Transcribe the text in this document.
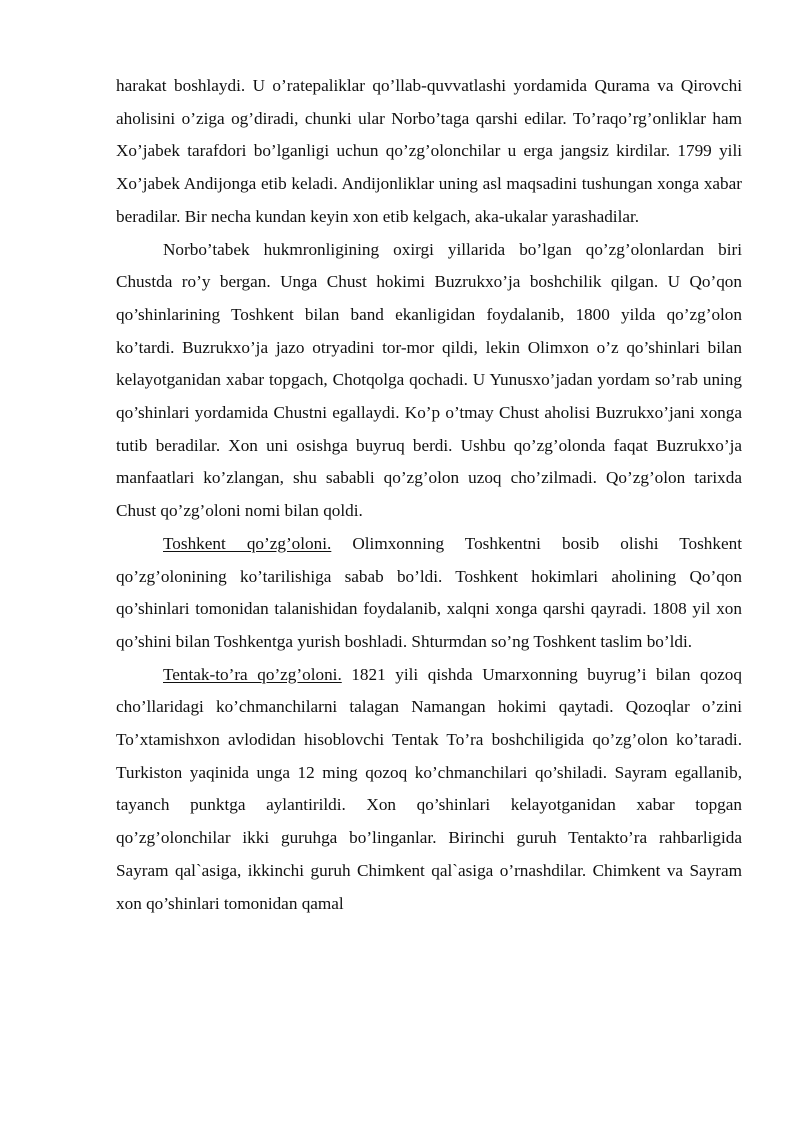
harakat boshlaydi. U o’ratepaliklar qo’llab-quvvatlashi yordamida Qurama va Qirovchi aholisini o’ziga og’diradi, chunki ular Norbo’taga qarshi edilar. To’raqo’rg’onliklar ham Xo’jabek tarafdori bo’lganligi uchun qo’zg’olonchilar u erga jangsiz kirdilar. 1799 yili Xo’jabek Andijonga etib keladi. Andijonliklar uning asl maqsadini tushungan xonga xabar beradilar. Bir necha kundan keyin xon etib kelgach, aka-ukalar yarashadilar.

Norbo’tabek hukmronligining oxirgi yillarida bo’lgan qo’zg’olonlardan biri Chustda ro’y bergan. Unga Chust hokimi Buzrukxo’ja boshchilik qilgan. U Qo’qon qo’shinlarining Toshkent bilan band ekanligidan foydalanib, 1800 yilda qo’zg’olon ko’tardi. Buzrukxo’ja jazo otryadini tor-mor qildi, lekin Olimxon o’z qo’shinlari bilan kelayotganidan xabar topgach, Chotqolga qochadi. U Yunusxo’jadan yordam so’rab uning qo’shinlari yordamida Chustni egallaydi. Ko’p o’tmay Chust aholisi Buzrukxo’jani xonga tutib beradilar. Xon uni osishga buyruq berdi. Ushbu qo’zg’olonda faqat Buzrukxo’ja manfaatlari ko’zlangan, shu sababli qo’zg’olon uzoq cho’zilmadi. Qo’zg’olon tarixda Chust qo’zg’oloni nomi bilan qoldi.

Toshkent qo’zg’oloni. Olimxonning Toshkentni bosib olishi Toshkent qo’zg’olonining ko’tarilishiga sabab bo’ldi. Toshkent hokimlari aholining Qo’qon qo’shinlari tomonidan talanishidan foydalanib, xalqni xonga qarshi qayradi. 1808 yil xon qo’shini bilan Toshkentga yurish boshladi. Shturmdan so’ng Toshkent taslim bo’ldi.

Tentak-to’ra qo’zg’oloni. 1821 yili qishda Umarxonning buyrug’i bilan qozoq cho’llaridagi ko’chmanchilarni talagan Namangan hokimi qaytadi. Qozoqlar o’zini To’xtamishxon avlodidan hisoblovchi Tentak To’ra boshchiligida qo’zg’olon ko’taradi. Turkiston yaqinida unga 12 ming qozoq ko’chmanchilari qo’shiladi. Sayram egallanib, tayanch punktga aylantirildi. Xon qo’shinlari kelayotganidan xabar topgan qo’zg’olonchilar ikki guruhga bo’linganlar. Birinchi guruh Tentakto’ra rahbarligida Sayram qal`asiga, ikkinchi guruh Chimkent qal`asiga o’rnashdilar. Chimkent va Sayram xon qo’shinlari tomonidan qamal
